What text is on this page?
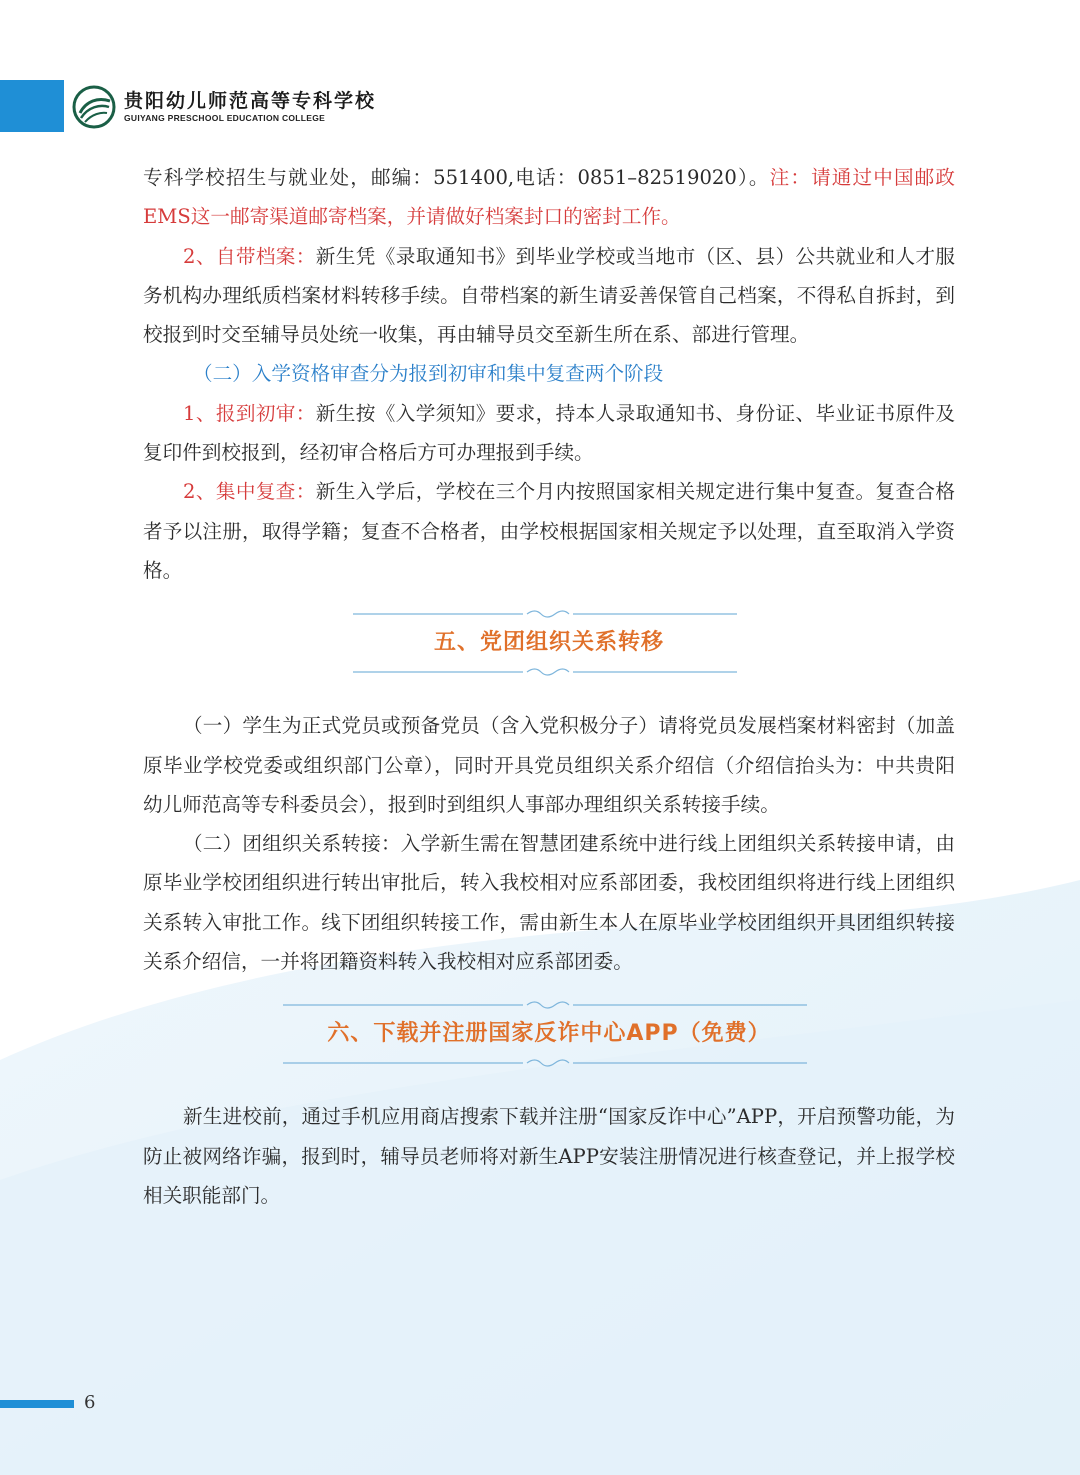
贵阳幼儿师范高等专科学校
GUIYANG PRESCHOOL EDUCATION COLLEGE

专科学校招生与就业处，邮编：551400,电话：0851–82519020）。注：请通过中国邮政EMS这一邮寄渠道邮寄档案，并请做好档案封口的密封工作。

2、自带档案：新生凭《录取通知书》到毕业学校或当地市（区、县）公共就业和人才服务机构办理纸质档案材料转移手续。自带档案的新生请妥善保管自己档案，不得私自拆封，到校报到时交至辅导员处统一收集，再由辅导员交至新生所在系、部进行管理。

（二）入学资格审查分为报到初审和集中复查两个阶段

1、报到初审：新生按《入学须知》要求，持本人录取通知书、身份证、毕业证书原件及复印件到校报到，经初审合格后方可办理报到手续。

2、集中复查：新生入学后，学校在三个月内按照国家相关规定进行集中复查。复查合格者予以注册，取得学籍；复查不合格者，由学校根据国家相关规定予以处理，直至取消入学资格。

五、党团组织关系转移

（一）学生为正式党员或预备党员（含入党积极分子）请将党员发展档案材料密封（加盖原毕业学校党委或组织部门公章），同时开具党员组织关系介绍信（介绍信抬头为：中共贵阳幼儿师范高等专科委员会），报到时到组织人事部办理组织关系转接手续。

（二）团组织关系转接：入学新生需在智慧团建系统中进行线上团组织关系转接申请，由原毕业学校团组织进行转出审批后，转入我校相对应系部团委，我校团组织将进行线上团组织关系转入审批工作。线下团组织转接工作，需由新生本人在原毕业学校团组织开具团组织转接关系介绍信，一并将团籍资料转入我校相对应系部团委。

六、下载并注册国家反诈中心APP（免费）

新生进校前，通过手机应用商店搜索下载并注册“国家反诈中心”APP，开启预警功能，为防止被网络诈骗，报到时，辅导员老师将对新生APP安装注册情况进行核查登记，并上报学校相关职能部门。

6
